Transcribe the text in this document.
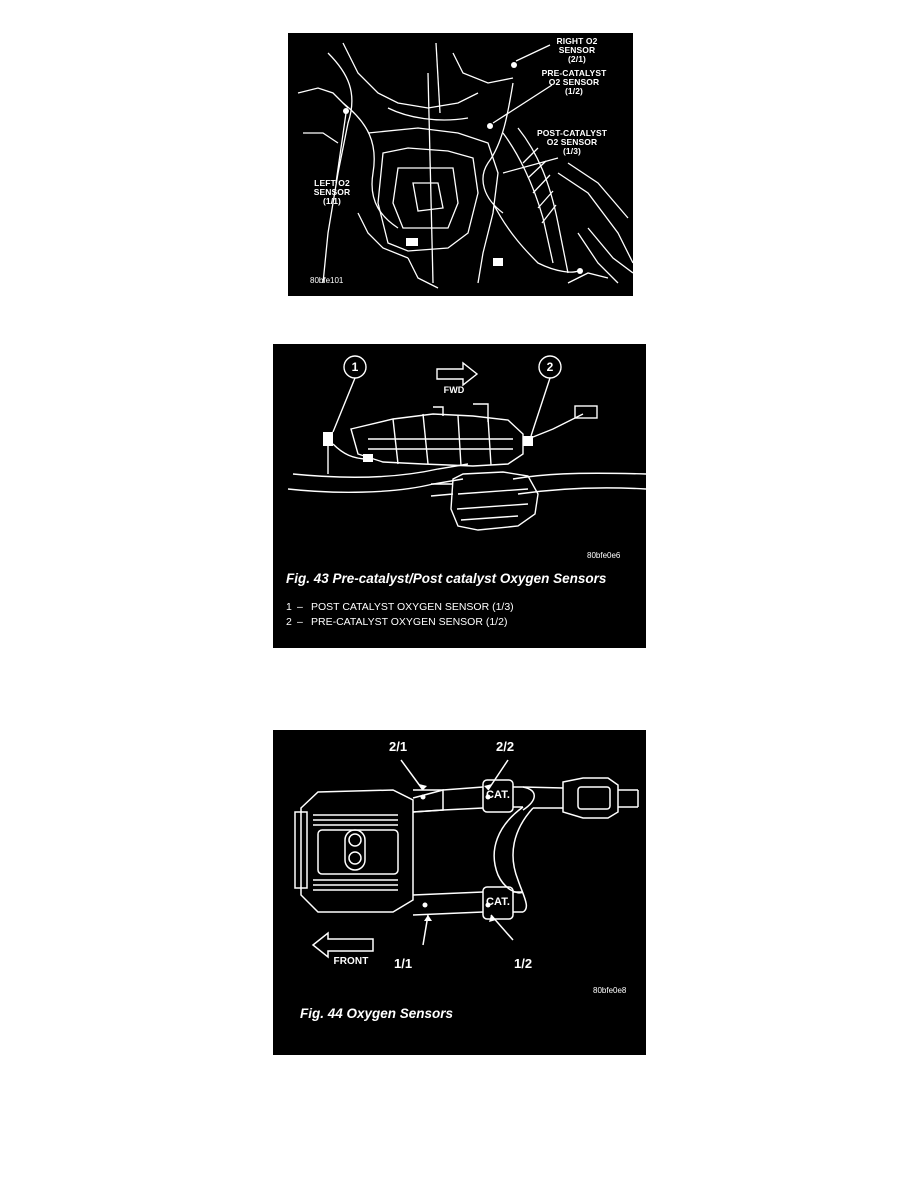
RIGHT O2
SENSOR
(2/1)
PRE-CATALYST
O2 SENSOR
(1/2)
POST-CATALYST
O2 SENSOR
(1/3)
LEFT O2
SENSOR
(1/1)
80bfe101
1	2
FWD
80bfe0e6
Fig. 43 Pre-catalyst/Post catalyst Oxygen Sensors
1 – POST CATALYST OXYGEN SENSOR (1/3)
2 – PRE-CATALYST OXYGEN SENSOR (1/2)
2/1	2/2
1/1	1/2
CAT.
CAT.
FRONT
80bfe0e8
Fig. 44 Oxygen Sensors
